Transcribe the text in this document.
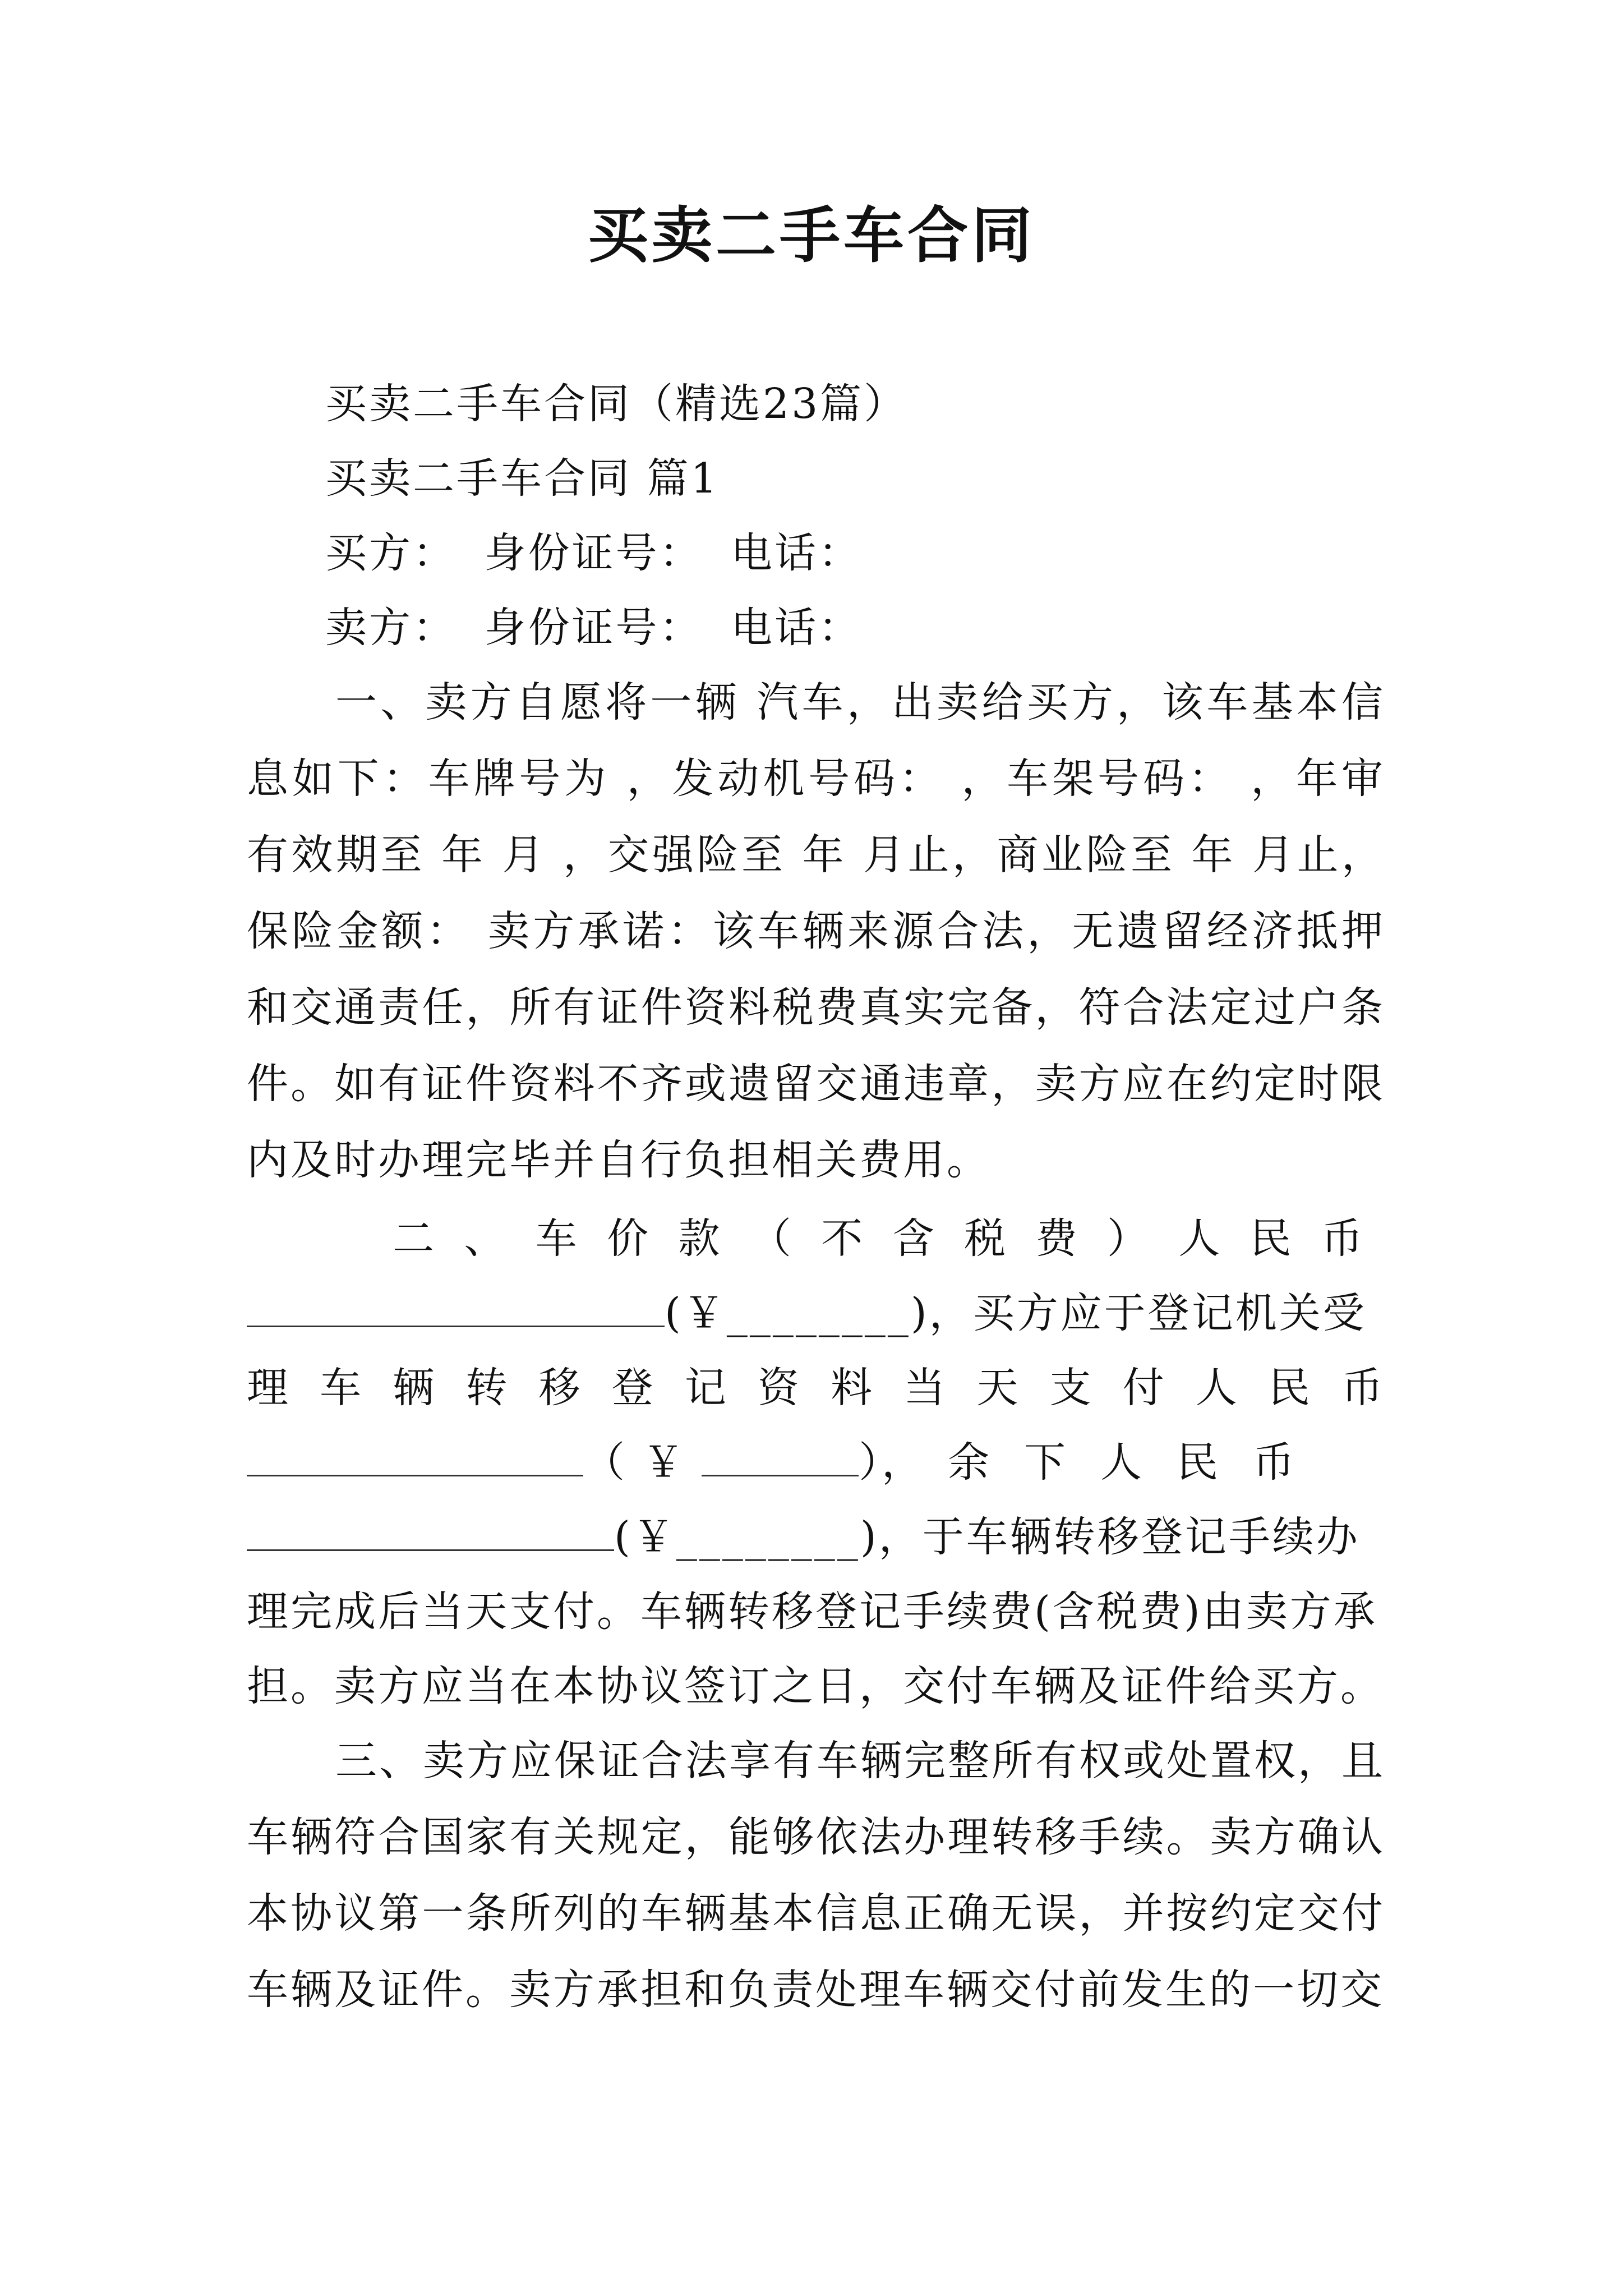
买卖二手车合同

买卖二手车合同（精选23篇）

买卖二手车合同 篇1

买方： 身份证号： 电话：

卖方： 身份证号： 电话：

一、卖方自愿将一辆 汽车，出卖给买方，该车基本信息如下：车牌号为 ，发动机号码： ，车架号码： ，年审有效期至 年 月 ，交强险至 年 月止，商业险至 年 月止，保险金额： 卖方承诺：该车辆来源合法，无遗留经济抵押和交通责任，所有证件资料税费真实完备，符合法定过户条件。如有证件资料不齐或遗留交通违章，卖方应在约定时限内及时办理完毕并自行负担相关费用。

二、车价款（不含税费）人民币

(￥________)，买方应于登记机关受

理车辆转移登记资料当天支付人民币

（ ￥	）， 余下人民币

(￥________)，于车辆转移登记手续办

理完成后当天支付。车辆转移登记手续费(含税费)由卖方承

担。卖方应当在本协议签订之日，交付车辆及证件给买方。

三、卖方应保证合法享有车辆完整所有权或处置权，且车辆符合国家有关规定，能够依法办理转移手续。卖方确认本协议第一条所列的车辆基本信息正确无误，并按约定交付车辆及证件。卖方承担和负责处理车辆交付前发生的一切交
